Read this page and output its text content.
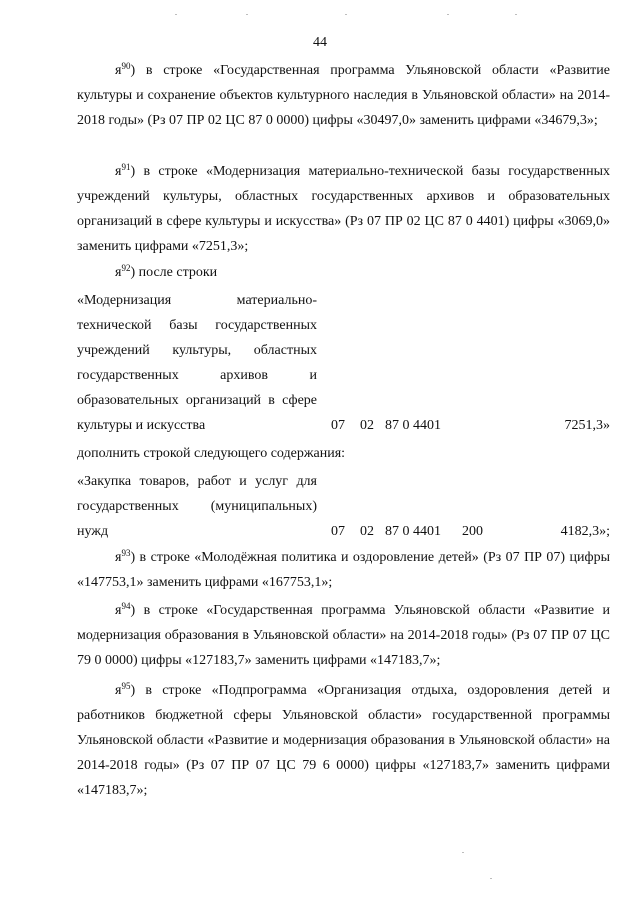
44
$я^{90}$) в строке «Государственная программа Ульяновской области «Развитие культуры и сохранение объектов культурного наследия в Ульяновской области» на 2014-2018 годы» (Рз 07 ПР 02 ЦС 87 0 0000) цифры «30497,0» заменить цифрами «34679,3»;
$я^{91}$) в строке «Модернизация материально-технической базы государственных учреждений культуры, областных государственных архивов и образовательных организаций в сфере культуры и искусства» (Рз 07 ПР 02 ЦС 87 0 4401) цифры «3069,0» заменить цифрами «7251,3»;
$я^{92}$) после строки
«Модернизация материально-технической базы государственных учреждений культуры, областных государственных архивов и образовательных организаций в сфере культуры и искусства	07 02 87 0 4401	7251,3»
дополнить строкой следующего содержания:
«Закупка товаров, работ и услуг для государственных (муниципальных) нужд	07 02 87 0 4401 200	4182,3»;
$я^{93}$) в строке «Молодёжная политика и оздоровление детей» (Рз 07 ПР 07) цифры «147753,1» заменить цифрами «167753,1»;
$я^{94}$) в строке «Государственная программа Ульяновской области «Развитие и модернизация образования в Ульяновской области» на 2014-2018 годы» (Рз 07 ПР 07 ЦС 79 0 0000) цифры «127183,7» заменить цифрами «147183,7»;
$я^{95}$) в строке «Подпрограмма «Организация отдыха, оздоровления детей и работников бюджетной сферы Ульяновской области» государственной программы Ульяновской области «Развитие и модернизация образования в Ульяновской области» на 2014-2018 годы» (Рз 07 ПР 07 ЦС 79 6 0000) цифры «127183,7» заменить цифрами «147183,7»;
